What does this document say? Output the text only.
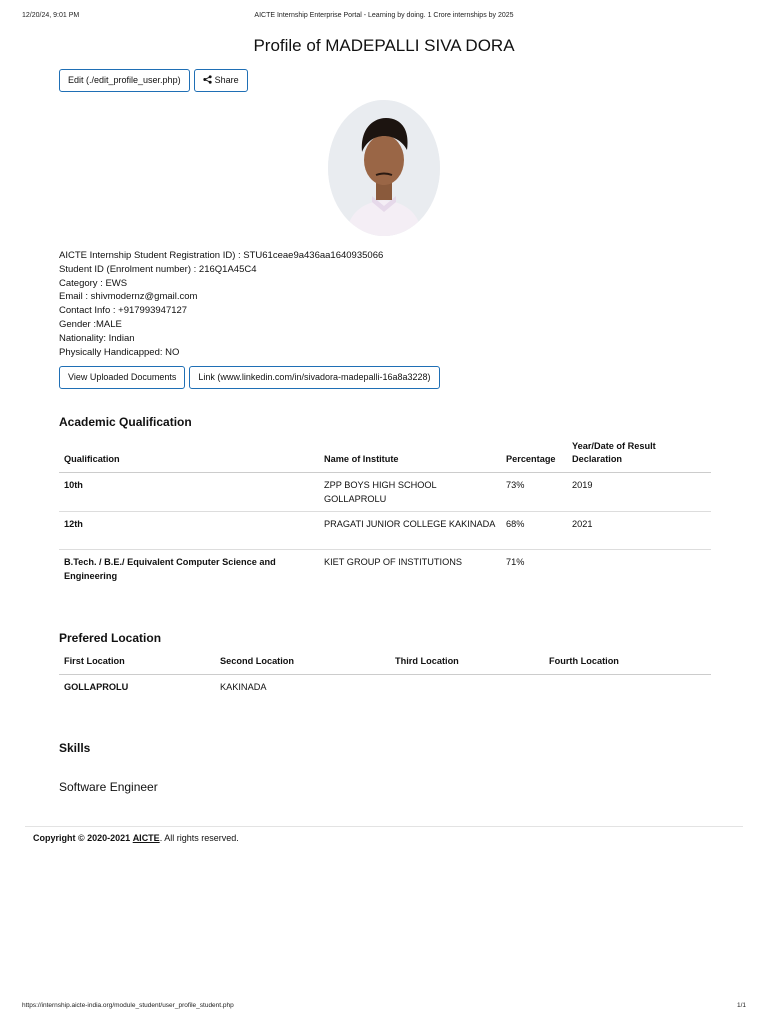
12/20/24, 9:01 PM	AICTE Internship Enterprise Portal - Learning by doing. 1 Crore internships by 2025
Profile of MADEPALLI SIVA DORA
Edit (./edit_profile_user.php)	Share
AICTE Internship Student Registration ID) : STU61ceae9a436aa1640935066
Student ID (Enrolment number) : 216Q1A45C4
Category : EWS
Email : shivmodernz@gmail.com
Contact Info : +917993947127
Gender :MALE
Nationality: Indian
Physically Handicapped: NO
View Uploaded Documents Link (www.linkedin.com/in/sivadora-madepalli-16a8a3228)
Academic Qualification
Qualification	Name of Institute	Percentage	Year/Date of Result Declaration
10th	ZPP BOYS HIGH SCHOOL GOLLAPROLU	73%	2019
12th	PRAGATI JUNIOR COLLEGE KAKINADA	68%	2021
B.Tech. / B.E./ Equivalent Computer Science and Engineering	KIET GROUP OF INSTITUTIONS	71%	
Prefered Location
First Location	Second Location	Third Location	Fourth Location
GOLLAPROLU	KAKINADA		
Skills
Software Engineer
Copyright © 2020-2021 AICTE. All rights reserved.
https://internship.aicte-india.org/module_student/user_profile_student.php	1/1
